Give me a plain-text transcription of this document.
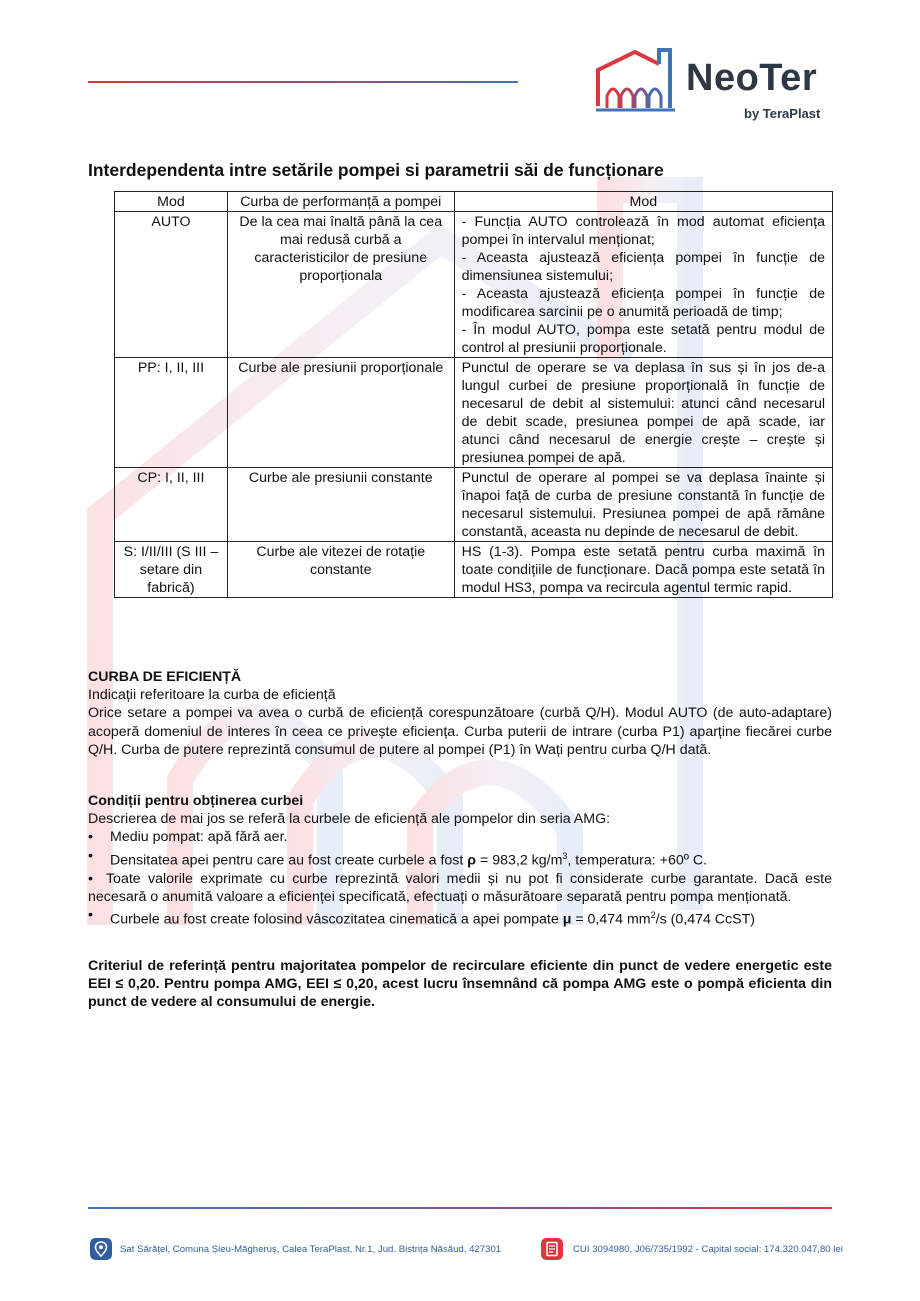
NeoTer
by TeraPlast
Interdependenta intre setările pompei si parametrii săi de funcționare
Mod	Curba de performanță a pompei	Mod
AUTO	De la cea mai înaltă până la cea mai redusă curbă a caracteristicilor de presiune proporționala	- Funcția AUTO controlează în mod automat eficiența pompei în intervalul menționat;
- Aceasta ajustează eficiența pompei în funcție de dimensiunea sistemului;
- Aceasta ajustează eficiența pompei în funcție de modificarea sarcinii pe o anumită perioadă de timp;
- În modul AUTO, pompa este setată pentru modul de control al presiunii proporționale.

PP: I, II, III	Curbe ale presiunii proporționale	Punctul de operare se va deplasa în sus și în jos de-a lungul curbei de presiune proporțională în funcție de necesarul de debit al sistemului: atunci când necesarul de debit scade, presiunea pompei de apă scade, iar atunci când necesarul de energie crește – crește și presiunea pompei de apă.
CP: I, II, III	Curbe ale presiunii constante	Punctul de operare al pompei se va deplasa înainte și înapoi față de curba de presiune constantă în funcție de necesarul sistemului. Presiunea pompei de apă rămâne constantă, aceasta nu depinde de necesarul de debit.
S: I/II/III (S III – setare din fabrică)	Curbe ale vitezei de rotație constante	HS (1-3). Pompa este setată pentru curba maximă în toate condițiile de funcționare. Dacă pompa este setată în modul HS3, pompa va recircula agentul termic rapid.
CURBA DE EFICIENȚĂ
Indicații referitoare la curba de eficiență
Orice setare a pompei va avea o curbă de eficiență corespunzătoare (curbă Q/H). Modul AUTO (de auto-adaptare) acoperă domeniul de interes în ceea ce privește eficiența. Curba puterii de intrare (curba P1) aparține fiecărei curbe Q/H. Curba de putere reprezintă consumul de putere al pompei (P1) în Wați pentru curba Q/H dată.
Condiții pentru obținerea curbei
Descrierea de mai jos se referă la curbele de eficiență ale pompelor din seria AMG:
• Mediu pompat: apă fără aer.
• Densitatea apei pentru care au fost create curbele a fost ρ = 983,2 $kg/m^3$, temperatura: +60º C.
• Toate valorile exprimate cu curbe reprezintă valori medii și nu pot fi considerate curbe garantate. Dacă este necesară o anumită valoare a eficienței specificată, efectuați o măsurătoare separată pentru pompa menționată.
• Curbele au fost create folosind vâscozitatea cinematică a apei pompate μ = 0,474 $mm^2/s$ (0,474 CcST)
Criteriul de referință pentru majoritatea pompelor de recirculare eficiente din punct de vedere energetic este EEI ≤ 0,20. Pentru pompa AMG, EEI ≤ 0,20, acest lucru însemnând că pompa AMG este o pompă eficienta din punct de vedere al consumului de energie.
Sat Sărățel, Comuna Șieu-Măgheruș, Calea TeraPlast, Nr.1, Jud. Bistrița Năsăud, 427301	CUI 3094980, J06/735/1992 - Capital social: 174.320.047,80 lei
